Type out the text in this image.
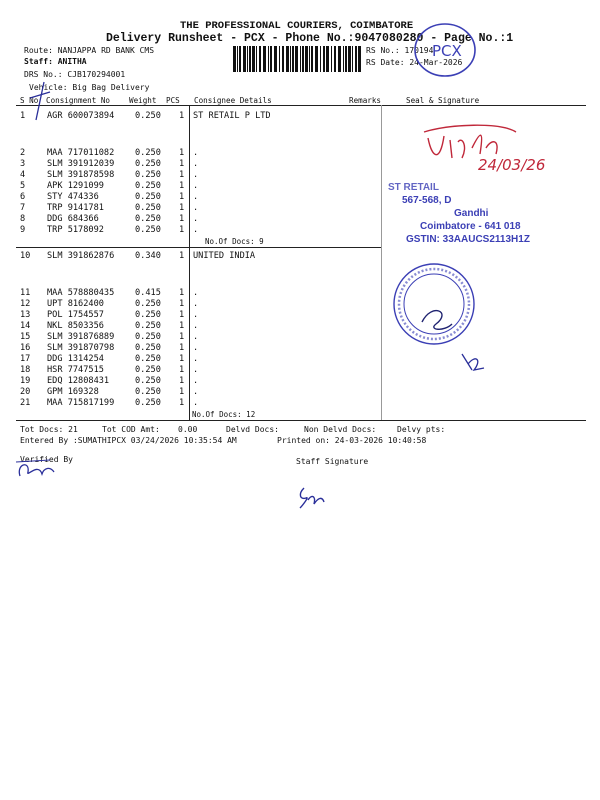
THE PROFESSIONAL COURIERS, COIMBATORE
Delivery Runsheet - PCX - Phone No.:9047080280 - Page No.:1
Route: NANJAPPA RD BANK CMS
Staff: ANITHA
DRS No.: CJB170294001
Vehicle: Big Bag Delivery
RS No.: 170194
RS Date: 24-Mar-2026
S No Consignment No Weight PCS Consignee Details	Remarks	Seal & Signature
1	AGR 600073894 0.250 1 ST RETAIL P LTD
2	MAA 717011082 0.250 1 .
3	SLM 391912039 0.250 1 .
4	SLM 391878598 0.250 1 .
5	APK 1291099	0.250 1 .
6	STY 474336	0.250 1 .
7	TRP 9141781	0.250 1 .
8	DDG 684366	0.250 1 .
9	TRP 5178092	0.250 1 .
10 SLM 391862876 0.340 1 UNITED INDIA
11 MAA 578880435 0.415 1 .
12 UPT 8162400	0.250 1 .
13 POL 1754557	0.250 1 .
14 NKL 8503356	0.250 1 .
15 SLM 391876889 0.250 1 .
16 SLM 391870798 0.250 1 .
17 DDG 1314254	0.250 1 .
18 HSR 7747515	0.250 1 .
19 EDQ 12808431	0.250 1 .
20 GPM 169328	0.250 1 .
21 MAA 715817199 0.250 1 .
No.Of Docs: 9
No.Of Docs: 12
Tot Docs: 21	Tot COD Amt: 0.00	Delvd Docs:	Non Delvd Docs:	Delvy pts:
Entered By :SUMATHIPCX 03/24/2026 10:35:54 AM	Printed on: 24-03-2026 10:40:58
Verified By	Staff Signature
PCX
24/03/26
ST RETAIL
567-568, D
Gandhi
Coimbatore - 641 018
GSTIN: 33AAUCS2113H1Z
